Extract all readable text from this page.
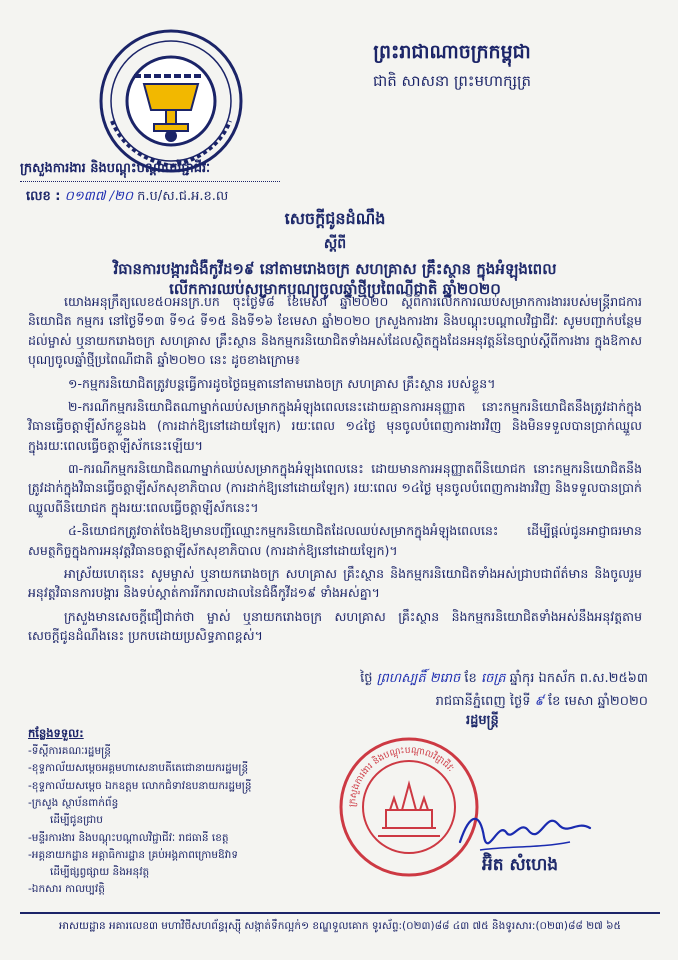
ព្រះរាជាណាចក្រកម្ពុជា
ជាតិ សាសនា ព្រះមហាក្សត្រ
ក្រសួងការងារ និងបណ្តុះបណ្តាលវិជ្ជាជីវៈ
លេខ : ០១៣៧ /២០ ក.ប/ស.ជ.អ.ខ.ល
សេចក្តីជូនដំណឹង
ស្តីពី
វិធានការបង្ការជំងឺកូវីដ១៩ នៅតាមរោងចក្រ សហគ្រាស គ្រឹះស្ថាន ក្នុងអំឡុងពេលលើកការឈប់សម្រាកបុណ្យចូលឆ្នាំថ្មីប្រពៃណីជាតិ ឆ្នាំ២០២០

យោងអនុក្រឹត្យលេខ៥០អនក្រ.បក ចុះថ្ងៃទី៨ ខែមេសា ឆ្នាំ២០២០ ស្តីពីការលើកការឈប់សម្រាកការងាររបស់មន្ត្រីរាជការ និយោជិត កម្មករ នៅថ្ងៃទី១៣ ទី១៤ ទី១៥ និងទី១៦ ខែមេសា ឆ្នាំ២០២០ ក្រសួងការងារ និងបណ្តុះបណ្តាលវិជ្ជាជីវៈ សូមបញ្ជាក់បន្ថែមដល់ម្ចាស់ ឬនាយករោងចក្រ សហគ្រាស គ្រឹះស្ថាន និងកម្មករនិយោជិតទាំងអស់ដែលស្ថិតក្នុងដែនអនុវត្តន៍នៃច្បាប់ស្តីពីការងារ ក្នុងឱកាសបុណ្យចូលឆ្នាំថ្មីប្រពៃណីជាតិ ឆ្នាំ២០២០ នេះ ដូចខាងក្រោម៖

១-កម្មករនិយោជិតត្រូវបន្តធ្វើការដូចថ្ងៃធម្មតានៅតាមរោងចក្រ សហគ្រាស គ្រឹះស្ថាន របស់ខ្លួន។

២-ករណីកម្មករនិយោជិតណាម្នាក់ឈប់សម្រាកក្នុងអំឡុងពេលនេះដោយគ្មានការអនុញ្ញាត នោះកម្មករនិយោជិតនឹងត្រូវដាក់ក្នុងវិធានធ្វើចត្តាឡីស័កខ្លួនឯង (ការដាក់ឱ្យនៅដោយឡែក) រយៈពេល ១៤ថ្ងៃ មុនចូលបំពេញការងារវិញ និងមិនទទួលបានប្រាក់ឈ្នួល ក្នុងរយៈពេលធ្វើចត្តាឡីស័កនេះឡើយ។

៣-ករណីកម្មករនិយោជិតណាម្នាក់ឈប់សម្រាកក្នុងអំឡុងពេលនេះ ដោយមានការអនុញ្ញាតពីនិយោជក នោះកម្មករនិយោជិតនឹងត្រូវដាក់ក្នុងវិធានធ្វើចត្តាឡីស័កសុខាភិបាល (ការដាក់ឱ្យនៅដោយឡែក) រយៈពេល ១៤ថ្ងៃ មុនចូលបំពេញការងារវិញ និងទទួលបានប្រាក់ឈ្នួលពីនិយោជក ក្នុងរយៈពេលធ្វើចត្តាឡីស័កនេះ។

៤-និយោជកត្រូវចាត់ចែងឱ្យមានបញ្ជីឈ្មោះកម្មករនិយោជិតដែលឈប់សម្រាកក្នុងអំឡុងពេលនេះ ដើម្បីផ្តល់ជូនអាជ្ញាធរមានសមត្ថកិច្ចក្នុងការអនុវត្តវិធានចត្តាឡីស័កសុខាភិបាល (ការដាក់ឱ្យនៅដោយឡែក)។

អាស្រ័យហេតុនេះ សូមម្ចាស់ ឬនាយករោងចក្រ សហគ្រាស គ្រឹះស្ថាន និងកម្មករនិយោជិតទាំងអស់ជ្រាបជាព័ត៌មាន និងចូលរួមអនុវត្តវិធានការបង្ការ និងទប់ស្កាត់ការរីករាលដាលនៃជំងឺកូវីដ១៩ ទាំងអស់គ្នា។

ក្រសួងមានសេចក្តីជឿជាក់ថា ម្ចាស់ ឬនាយករោងចក្រ សហគ្រាស គ្រឹះស្ថាន និងកម្មករនិយោជិតទាំងអស់នឹងអនុវត្តតាមសេចក្តីជូនដំណឹងនេះ ប្រកបដោយប្រសិទ្ធភាពខ្ពស់។

ថ្ងៃ ព្រហស្បតិ៍ ២រោច ខែ ចេត្រ ឆ្នាំកុរ ឯកស័ក ព.ស.២៥៦៣
រាជធានីភ្នំពេញ ថ្ងៃទី ៩ ខែ មេសា ឆ្នាំ២០២០
កន្លែងទទួល:
-ទីស្តីការគណៈរដ្ឋមន្ត្រី
-ខុទ្ទកាល័យសម្តេចអគ្គមហាសេនាបតីតេជោនាយករដ្ឋមន្ត្រី
-ខុទ្ទកាល័យសម្តេច ឯកឧត្តម លោកជំទាវឧបនាយករដ្ឋមន្ត្រី
-ក្រសួង ស្ថាប័នពាក់ព័ន្ធ
ដើម្បីជូនជ្រាប
-មន្ទីរការងារ និងបណ្តុះបណ្តាលវិជ្ជាជីវៈ រាជធានី ខេត្ត
-អគ្គនាយកដ្ឋាន អគ្គាធិការដ្ឋាន គ្រប់អង្គភាពក្រោមឱវាទ
ដើម្បីផ្សព្វផ្សាយ និងអនុវត្ត
-ឯកសារ កាលប្បវត្តិ
ក្រសួងការងារ និងបណ្តុះបណ្តាលវិជ្ជាជីវៈ
រដ្ឋមន្ត្រី
អ៊ិត សំហេង
អាសយដ្ឋាន អគារលេខ៣ មហាវិថីសហព័ន្ធរុស្ស៊ី សង្កាត់ទឹកល្អក់១ ខណ្ឌទួលគោក ទូរស័ព្ទ:(០២៣)៨៨ ៤៣ ៧៥ និងទូរសារ:(០២៣)៨៨ ២៧ ៦៥
